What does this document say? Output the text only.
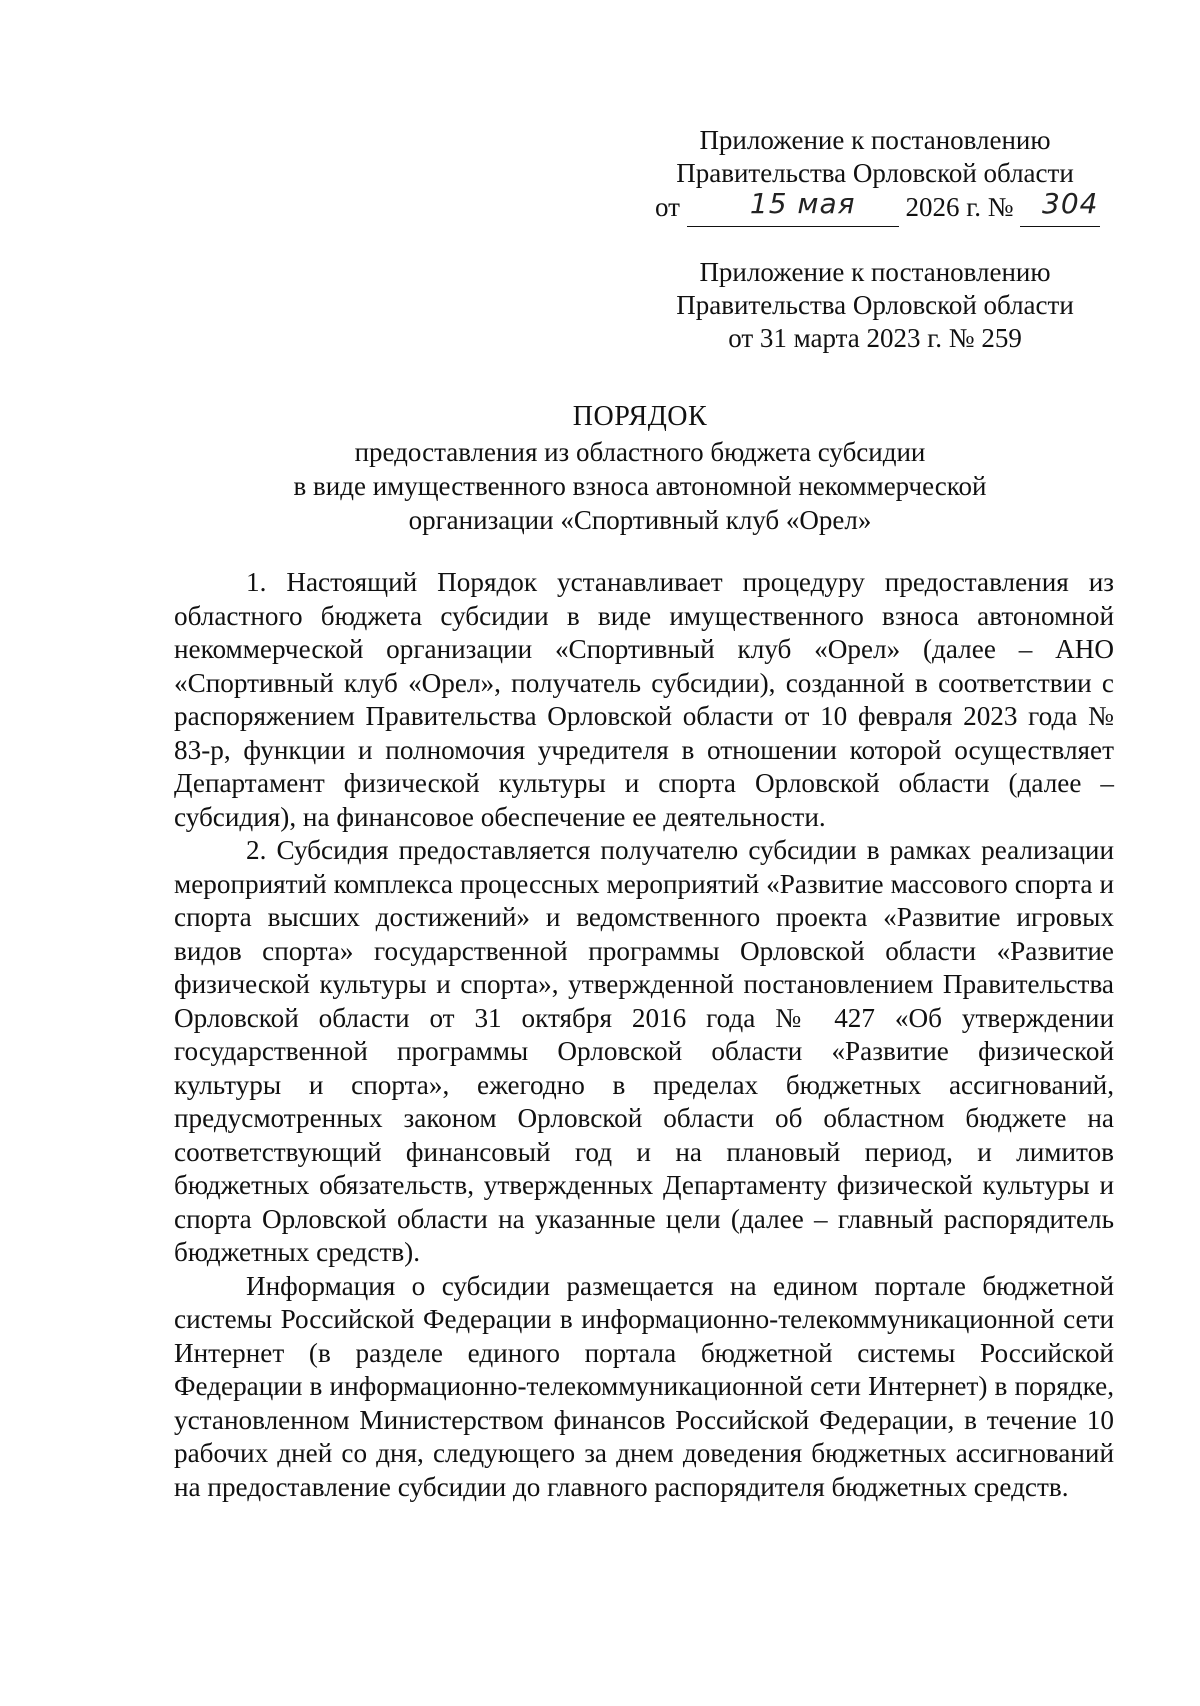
Приложение к постановлению
Правительства Орловской области
от 15 мая 2026 г. № 304
Приложение к постановлению
Правительства Орловской области
от 31 марта 2023 г. № 259
ПОРЯДОК
предоставления из областного бюджета субсидии
в виде имущественного взноса автономной некоммерческой
организации «Спортивный клуб «Орел»

1. Настоящий Порядок устанавливает процедуру предоставления из областного бюджета субсидии в виде имущественного взноса автономной некоммерческой организации «Спортивный клуб «Орел» (далее – АНО «Спортивный клуб «Орел», получатель субсидии), созданной в соответствии с распоряжением Правительства Орловской области от 10 февраля 2023 года № 83-р, функции и полномочия учредителя в отношении которой осуществляет Департамент физической культуры и спорта Орловской области (далее – субсидия), на финансовое обеспечение ее деятельности.

2. Субсидия предоставляется получателю субсидии в рамках реализации мероприятий комплекса процессных мероприятий «Развитие массового спорта и спорта высших достижений» и ведомственного проекта «Развитие игровых видов спорта» государственной программы Орловской области «Развитие физической культуры и спорта», утвержденной постановлением Правительства Орловской области от 31 октября 2016 года № 427 «Об утверждении государственной программы Орловской области «Развитие физической культуры и спорта», ежегодно в пределах бюджетных ассигнований, предусмотренных законом Орловской области об областном бюджете на соответствующий финансовый год и на плановый период, и лимитов бюджетных обязательств, утвержденных Департаменту физической культуры и спорта Орловской области на указанные цели (далее – главный распорядитель бюджетных средств).

Информация о субсидии размещается на едином портале бюджетной системы Российской Федерации в информационно-телекоммуникационной сети Интернет (в разделе единого портала бюджетной системы Российской Федерации в информационно-телекоммуникационной сети Интернет) в порядке, установленном Министерством финансов Российской Федерации, в течение 10 рабочих дней со дня, следующего за днем доведения бюджетных ассигнований на предоставление субсидии до главного распорядителя бюджетных средств.
